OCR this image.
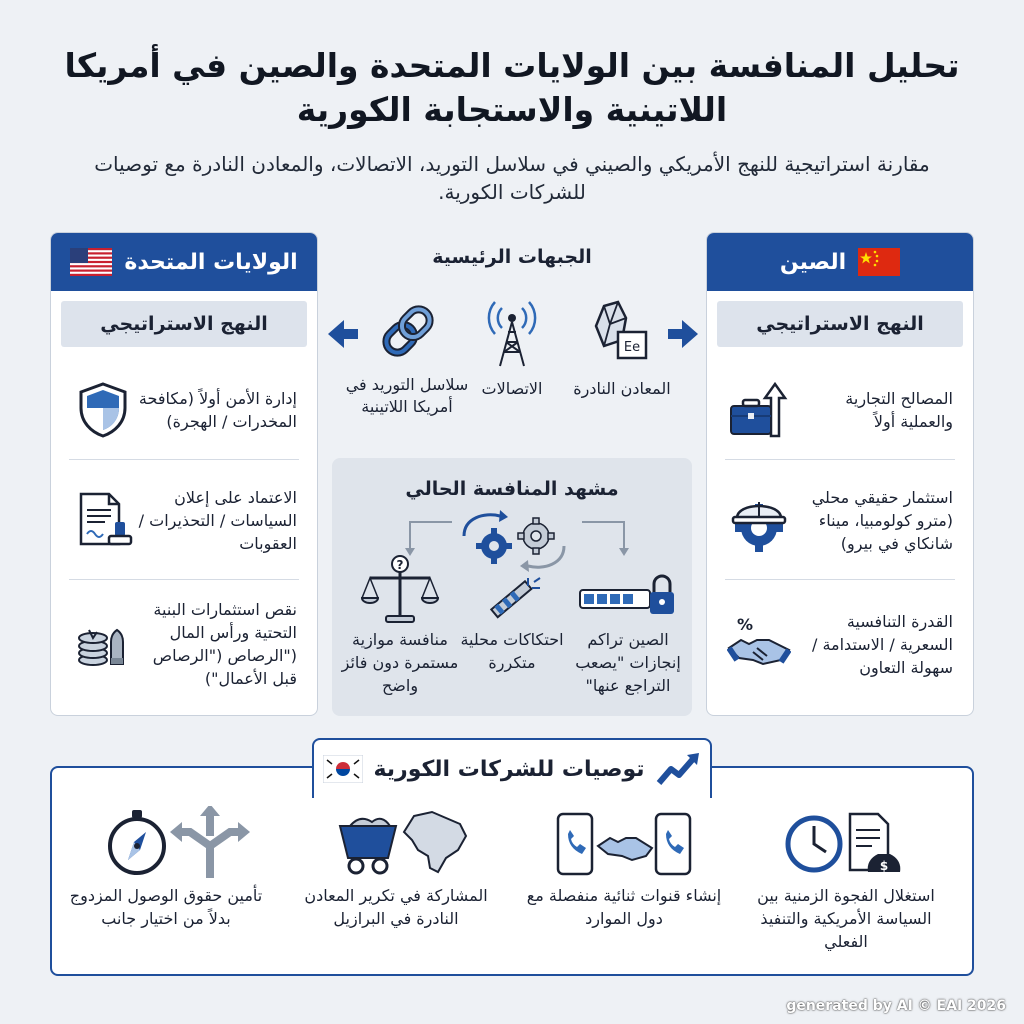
تحليل المنافسة بين الولايات المتحدة والصين في أمريكا اللاتينية والاستجابة الكورية
مقارنة استراتيجية للنهج الأمريكي والصيني في سلاسل التوريد، الاتصالات، والمعادن النادرة مع توصيات للشركات الكورية.
الولايات المتحدة
النهج الاستراتيجي
إدارة الأمن أولاً (مكافحة المخدرات / الهجرة)
الاعتماد على إعلان السياسات / التحذيرات / العقوبات
نقص استثمارات البنية التحتية ورأس المال ("الرصاص ("الرصاص قبل الأعمال")
الصين
النهج الاستراتيجي
المصالح التجارية والعملية أولاً
استثمار حقيقي محلي (مترو كولومبيا، ميناء شانكاي في بيرو)
القدرة التنافسية السعرية / الاستدامة / سهولة التعاون
%
الجبهات الرئيسية
Ee
المعادن النادرة
الاتصالات
سلاسل التوريد في أمريكا اللاتينية
مشهد المنافسة الحالي
الصين تراكم إنجازات "يصعب التراجع عنها"
احتكاكات محلية متكررة
?
منافسة موازية مستمرة دون فائز واضح
توصيات للشركات الكورية
$
استغلال الفجوة الزمنية بين السياسة الأمريكية والتنفيذ الفعلي
إنشاء قنوات ثنائية منفصلة مع دول الموارد
المشاركة في تكرير المعادن النادرة في البرازيل
تأمين حقوق الوصول المزدوج بدلاً من اختيار جانب
generated by AI © EAI 2026
